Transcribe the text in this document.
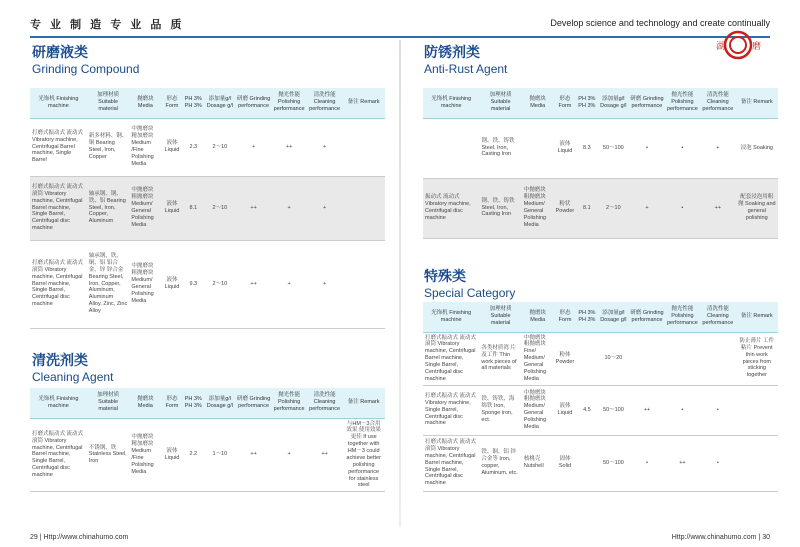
专 业 制 造 专 业 品 质	Develop science and technology and create continually
湖	磨
研磨液类
Grinding Compound
光饰机 Finishing machine	加理材质 Suitable material	抛磨块 Media	形态 Form	PH 3% PH 3%	添加量g/l Dosage g/l	研磨 Grinding performance	抛光性能 Polishing performance	清洗性能 Cleaning performance	备注 Remark
打磨式振动式 流动式 Vibratory machine, Centrifugal Barrel machine, Single Barrel	新多材料、钢、铜 Bearing Steel, Iron, Copper	中抛磨块 精加磨块 Medium /Fine Polishing Media	液体 Liquid	2.3	2～10	+	++	+	
打磨式振动式 流动式滚筒 Vibratory machine, Centrifugal Barrel machine, Single Barrel, Centrifugal disc machine	轴承钢、钢、铁、铝 Bearing Steel, Iron, Copper, Aluminum	中抛磨块 粗抛磨块 Medium/ General Polishing Media	液体 Liquid	8.1	2～10	++	+	+	
打磨式振动式 流动式滚筒 Vibratory machine, Centrifugal Barrel machine, Single Barrel, Centrifugal disc machine	轴承钢、铁、铜、铝 铝合金、锌 锌合金 Bearing Steel, Iron, Copper, Aluminum, Aluminum Alloy, Zinc, Zinc Alloy	中抛磨块 粗抛磨块 Medium/ General Polishing Media	液体 Liquid	9.3	2～10	++	+	+	
清洗剂类
Cleaning Agent
光饰机 Finishing machine	加理材质 Suitable material	抛磨块 Media	形态 Form	PH 3% PH 3%	添加量g/l Dosage g/l	研磨 Grinding performance	抛光性能 Polishing performance	清洗性能 Cleaning performance	备注 Remark
打磨式振动式 流动式滚筒 Vibratory machine, Centrifugal Barrel machine, Single Barrel, Centrifugal disc machine	不锈钢、铁 Stainless Steel, Iron	中抛磨块 精加磨块 Medium /Fine Polishing Media	液体 Liquid	2.2	1～10	++	+	++	与HM－3合用效果 使用效果更佳 If use together with HM－3 could achieve better polishing performance for stainless steel
防锈剂类
Anti-Rust Agent
光饰机 Finishing machine	加理材质 Suitable material	抛磨块 Media	形态 Form	PH 3% PH 3%	添加量g/l Dosage g/l	研磨 Grinding performance	抛光性能 Polishing performance	清洗性能 Cleaning performance	备注 Remark
	钢、铁、铸铁 Steel, Iron, Casting Iron		液体 Liquid	8.3	50～100	•	•	+	浸泡 Soaking
振动式 流动式 Vibratory machine, Centrifugal disc machine	钢、铁、铸铁 Steel, Iron, Casting Iron	中抛磨块 粗抛磨块 Medium/ General Polishing Media	粉状 Powder	8.1	2～10	+	•	++	配套浸泡用粗抛 Soaking and general polishing
特殊类
Special Category
光饰机 Finishing machine	加理材质 Suitable material	抛磨块 Media	形态 Form	PH 3% PH 3%	添加量g/l Dosage g/l	研磨 Grinding performance	抛光性能 Polishing performance	清洗性能 Cleaning performance	备注 Remark
打磨式振动式 流动式滚筒 Vibratory machine, Centrifugal Barrel machine, Single Barrel, Centrifugal disc machine	各类材质湾 片及工件 Thin work pieces of all materials	中抛磨块 粗抛磨块 Fine/ Medium/ General Polishing Media	粉体 Powder		10～20				防止薄片 工件粘片 Prevent thin work pieces from sticking together
打磨式振动式 流动式 Vibratory machine, Single Barrel, Centrifugal disc machine	铁、铸铁、海绵铁 Iron, Sponge iron, ect.	中抛磨块 粗抛磨块 Medium/ General Polishing Media	液体 Liquid	4.5	50～100	++	•	•	
打磨式振动式 流动式滚筒 Vibratory machine, Centrifugal Barrel machine, Single Barrel, Centrifugal disc machine	铁、铜、铝 锌合金等 Iron, copper, Aluminum, etc.	核桃壳 Nutshell	固体 Solid		50～100	•	++	•	
29 | Http://www.chinahumo.com	Http://www.chinahumo.com | 30
